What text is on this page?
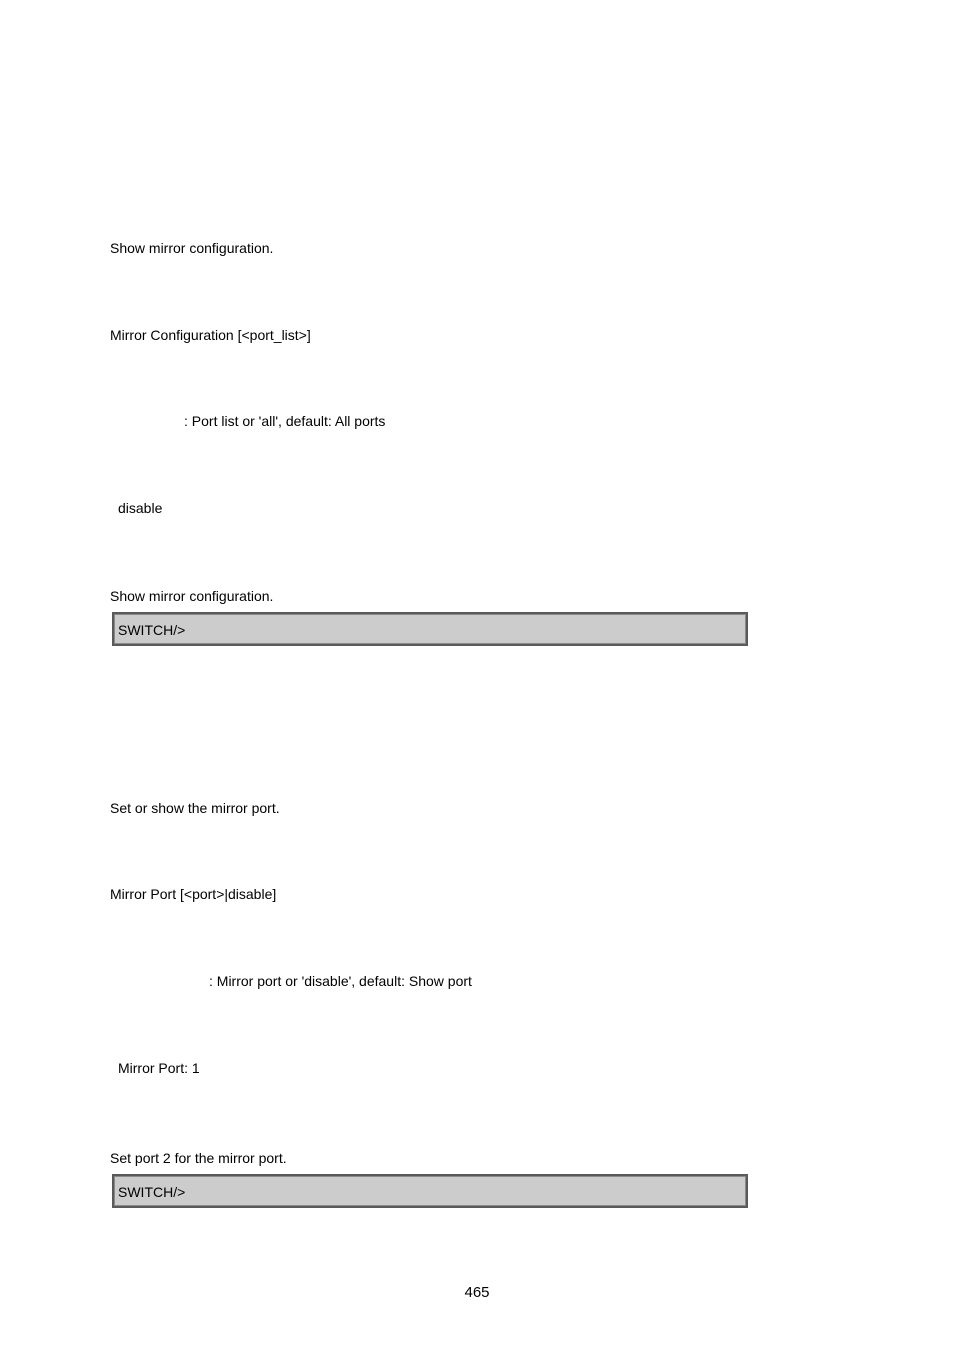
Show mirror configuration.
Mirror Configuration [<port_list>]
: Port list or 'all', default: All ports
disable
Show mirror configuration.
SWITCH/>
Set or show the mirror port.
Mirror Port [<port>|disable]
: Mirror port or 'disable', default: Show port
Mirror Port: 1
Set port 2 for the mirror port.
SWITCH/>
465
